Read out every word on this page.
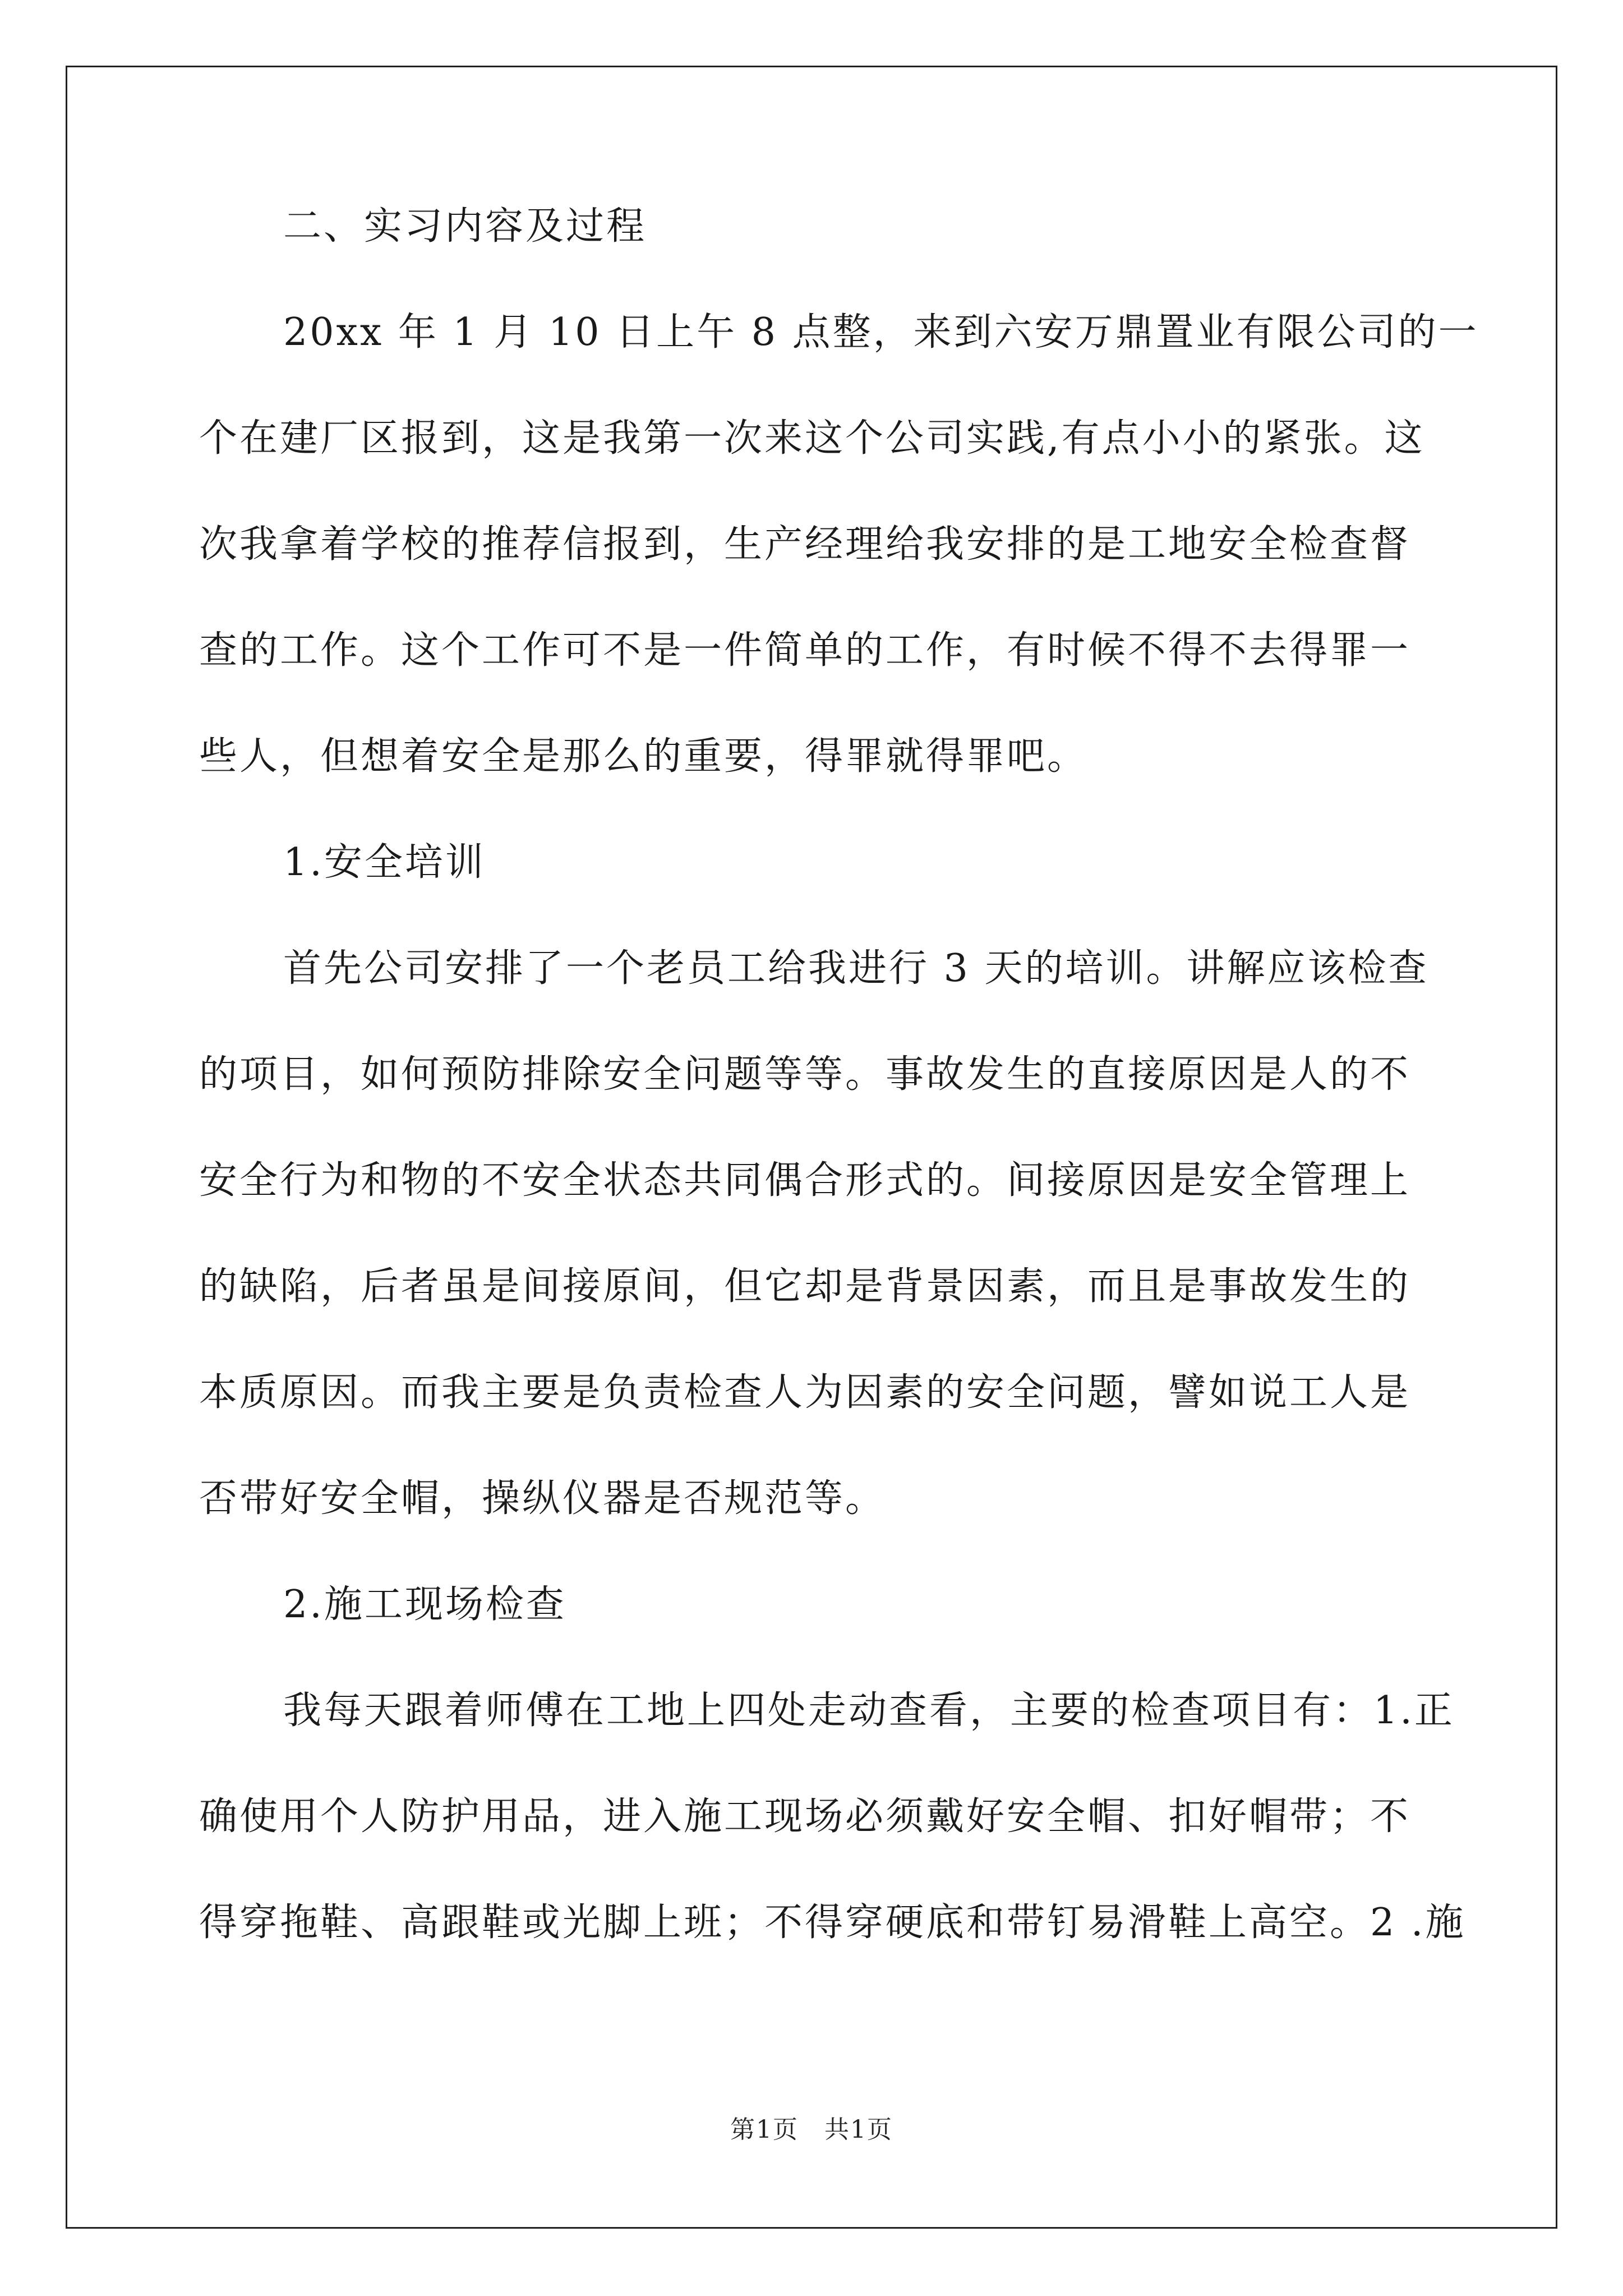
二、实习内容及过程
20xx 年 1 月 10 日上午 8 点整，来到六安万鼎置业有限公司的一
个在建厂区报到，这是我第一次来这个公司实践,有点小小的紧张。这
次我拿着学校的推荐信报到，生产经理给我安排的是工地安全检查督
查的工作。这个工作可不是一件简单的工作，有时候不得不去得罪一
些人，但想着安全是那么的重要，得罪就得罪吧。
1.安全培训
首先公司安排了一个老员工给我进行 3 天的培训。讲解应该检查
的项目，如何预防排除安全问题等等。事故发生的直接原因是人的不
安全行为和物的不安全状态共同偶合形式的。间接原因是安全管理上
的缺陷，后者虽是间接原间，但它却是背景因素，而且是事故发生的
本质原因。而我主要是负责检查人为因素的安全问题，譬如说工人是
否带好安全帽，操纵仪器是否规范等。
2.施工现场检查
我每天跟着师傅在工地上四处走动查看，主要的检查项目有：1.正
确使用个人防护用品，进入施工现场必须戴好安全帽、扣好帽带；不
得穿拖鞋、高跟鞋或光脚上班；不得穿硬底和带钉易滑鞋上高空。2 .施
第1页　共1页
